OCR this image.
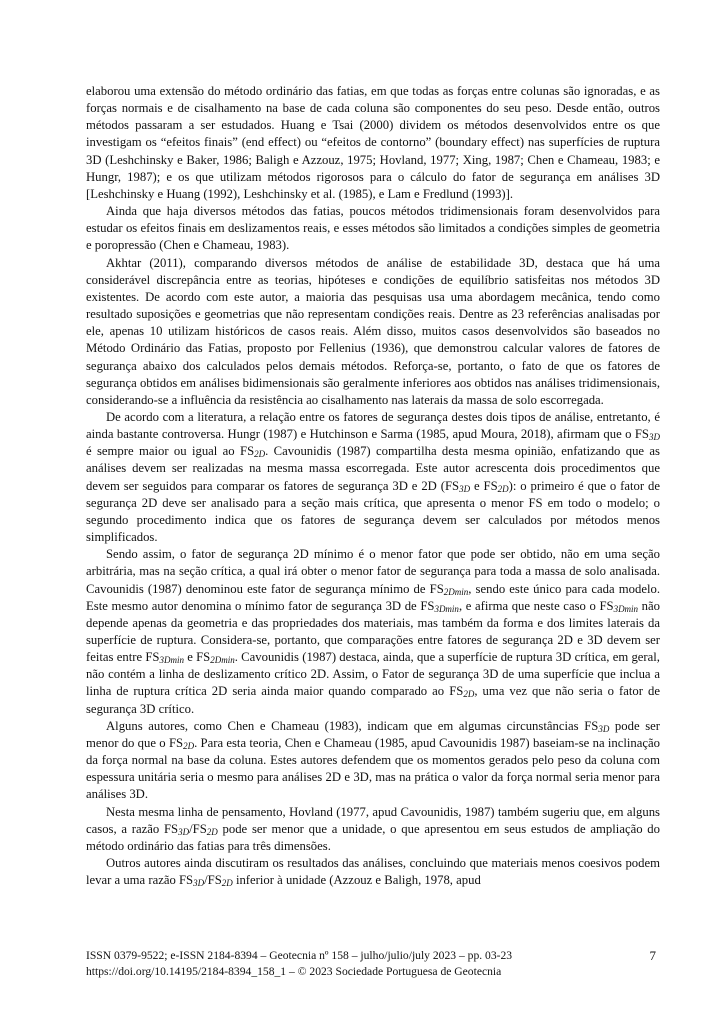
elaborou uma extensão do método ordinário das fatias, em que todas as forças entre colunas são ignoradas, e as forças normais e de cisalhamento na base de cada coluna são componentes do seu peso. Desde então, outros métodos passaram a ser estudados. Huang e Tsai (2000) dividem os métodos desenvolvidos entre os que investigam os “efeitos finais” (end effect) ou “efeitos de contorno” (boundary effect) nas superfícies de ruptura 3D (Leshchinsky e Baker, 1986; Baligh e Azzouz, 1975; Hovland, 1977; Xing, 1987; Chen e Chameau, 1983; e Hungr, 1987); e os que utilizam métodos rigorosos para o cálculo do fator de segurança em análises 3D [Leshchinsky e Huang (1992), Leshchinsky et al. (1985), e Lam e Fredlund (1993)].

Ainda que haja diversos métodos das fatias, poucos métodos tridimensionais foram desenvolvidos para estudar os efeitos finais em deslizamentos reais, e esses métodos são limitados a condições simples de geometria e poropressão (Chen e Chameau, 1983).

Akhtar (2011), comparando diversos métodos de análise de estabilidade 3D, destaca que há uma considerável discrepância entre as teorias, hipóteses e condições de equilíbrio satisfeitas nos métodos 3D existentes. De acordo com este autor, a maioria das pesquisas usa uma abordagem mecânica, tendo como resultado suposições e geometrias que não representam condições reais. Dentre as 23 referências analisadas por ele, apenas 10 utilizam históricos de casos reais. Além disso, muitos casos desenvolvidos são baseados no Método Ordinário das Fatias, proposto por Fellenius (1936), que demonstrou calcular valores de fatores de segurança abaixo dos calculados pelos demais métodos. Reforça-se, portanto, o fato de que os fatores de segurança obtidos em análises bidimensionais são geralmente inferiores aos obtidos nas análises tridimensionais, considerando-se a influência da resistência ao cisalhamento nas laterais da massa de solo escorregada.

De acordo com a literatura, a relação entre os fatores de segurança destes dois tipos de análise, entretanto, é ainda bastante controversa. Hungr (1987) e Hutchinson e Sarma (1985, apud Moura, 2018), afirmam que o $FS_{3D}$ é sempre maior ou igual ao $FS_{2D}$. Cavounidis (1987) compartilha desta mesma opinião, enfatizando que as análises devem ser realizadas na mesma massa escorregada. Este autor acrescenta dois procedimentos que devem ser seguidos para comparar os fatores de segurança 3D e 2D ($FS_{3D}$ e $FS_{2D}$): o primeiro é que o fator de segurança 2D deve ser analisado para a seção mais crítica, que apresenta o menor FS em todo o modelo; o segundo procedimento indica que os fatores de segurança devem ser calculados por métodos menos simplificados.

Sendo assim, o fator de segurança 2D mínimo é o menor fator que pode ser obtido, não em uma seção arbitrária, mas na seção crítica, a qual irá obter o menor fator de segurança para toda a massa de solo analisada. Cavounidis (1987) denominou este fator de segurança mínimo de $FS_{2Dmin}$, sendo este único para cada modelo. Este mesmo autor denomina o mínimo fator de segurança 3D de $FS_{3Dmin}$, e afirma que neste caso o $FS_{3Dmin}$ não depende apenas da geometria e das propriedades dos materiais, mas também da forma e dos limites laterais da superfície de ruptura. Considera-se, portanto, que comparações entre fatores de segurança 2D e 3D devem ser feitas entre $FS_{3Dmin}$ e $FS_{2Dmin}$. Cavounidis (1987) destaca, ainda, que a superfície de ruptura 3D crítica, em geral, não contém a linha de deslizamento crítico 2D. Assim, o Fator de segurança 3D de uma superfície que inclua a linha de ruptura crítica 2D seria ainda maior quando comparado ao $FS_{2D}$, uma vez que não seria o fator de segurança 3D crítico.

Alguns autores, como Chen e Chameau (1983), indicam que em algumas circunstâncias $FS_{3D}$ pode ser menor do que o $FS_{2D}$. Para esta teoria, Chen e Chameau (1985, apud Cavounidis 1987) baseiam-se na inclinação da força normal na base da coluna. Estes autores defendem que os momentos gerados pelo peso da coluna com espessura unitária seria o mesmo para análises 2D e 3D, mas na prática o valor da força normal seria menor para análises 3D.

Nesta mesma linha de pensamento, Hovland (1977, apud Cavounidis, 1987) também sugeriu que, em alguns casos, a razão $FS_{3D}/FS_{2D}$ pode ser menor que a unidade, o que apresentou em seus estudos de ampliação do método ordinário das fatias para três dimensões.

Outros autores ainda discutiram os resultados das análises, concluindo que materiais menos coesivos podem levar a uma razão $FS_{3D}/FS_{2D}$ inferior à unidade (Azzouz e Baligh, 1978, apud

ISSN 0379-9522; e-ISSN 2184-8394 – Geotecnia nº 158 – julho/julio/july 2023 – pp. 03-23
https://doi.org/10.14195/2184-8394_158_1 – © 2023 Sociedade Portuguesa de Geotecnia
7
